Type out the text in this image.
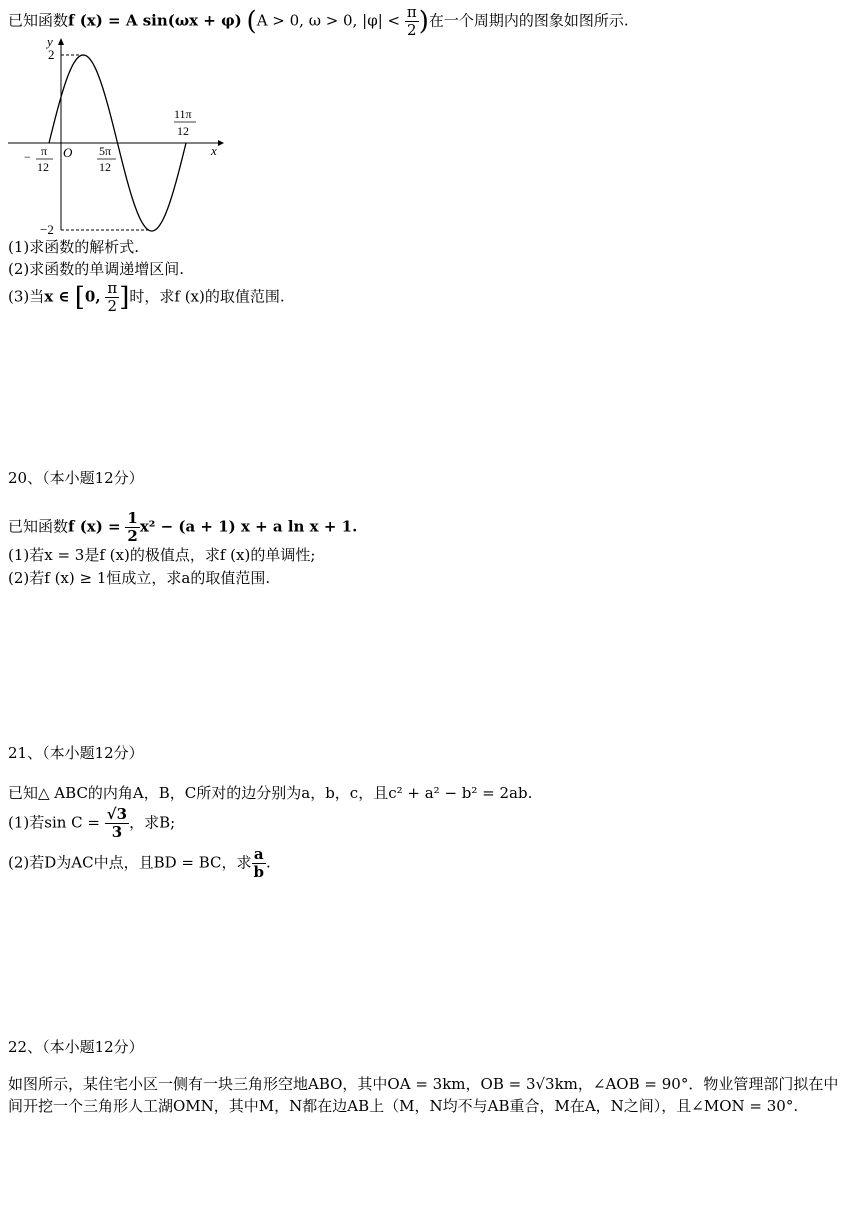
已知函数f (x) = A sin(ωx + φ) (A > 0, ω > 0, $|\varphi| < \frac{\pi}{2}$ )在一个周期内的图象如图所示.
y
x
O
2
−2
− π
12
5π
12
11π
12
(1)求函数的解析式.
(2)求函数的单调递增区间.
(3)当x ∈ [0, $\frac{\pi}{2}$ ]时，求f (x)的取值范围.
20、（本小题12分）
已知函数f $(x) = \frac{1}{2} x^2 - (a + 1) x + a$ ln x + 1.
(1)若x = 3是f (x)的极值点，求f (x)的单调性;
(2)若f (x) ≥ 1恒成立，求a的取值范围.
21、（本小题12分）
已知△ ABC的内角A，B，C所对的边分别为a，b，c，且c² + a² − b² = 2ab.
(1)若$\sin C = \frac{√3}{3}$ ，求B;
(2)若D为AC中点，且BD = BC，求 $\frac{a}{b}$ .
22、（本小题12分）
如图所示，某住宅小区一侧有一块三角形空地ABO，其中OA = 3km，OB = 3√3km，∠AOB = 90°．物业管理部门拟在中间开挖一个三角形人工湖OMN，其中M，N都在边AB上（M，N均不与AB重合，M在A，N之间），且∠MON = 30°.
